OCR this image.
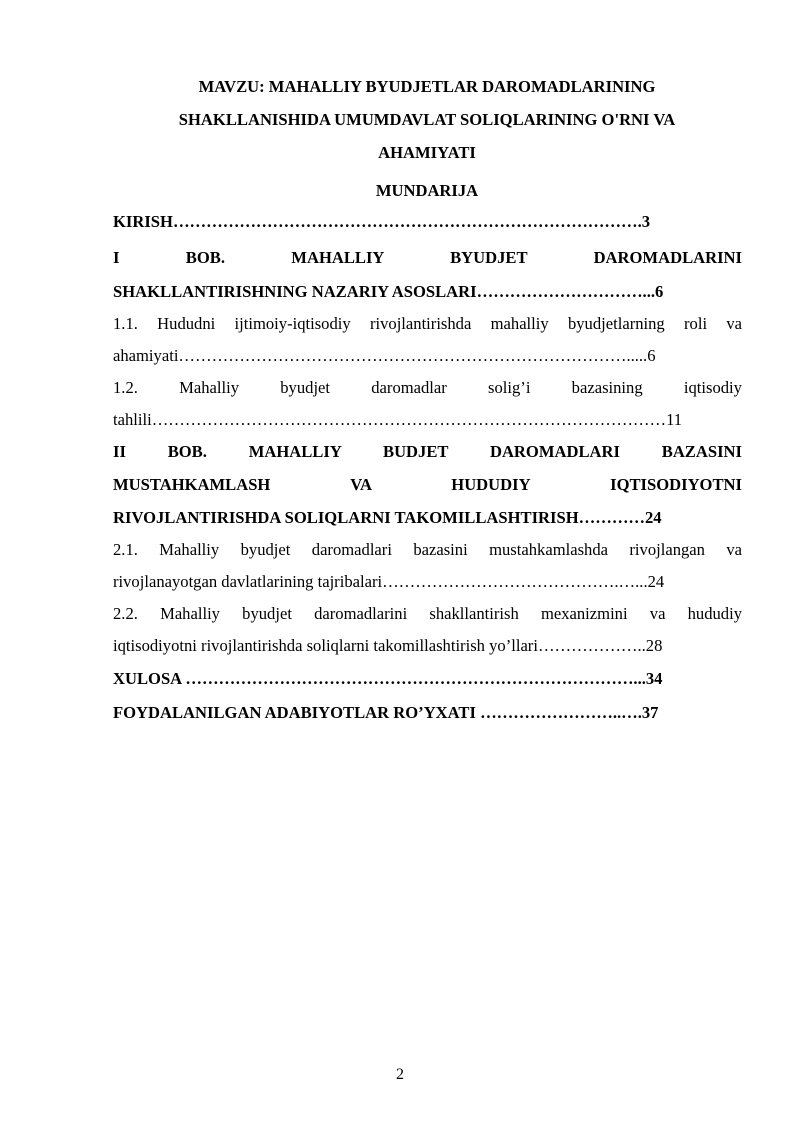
MAVZU: MAHALLIY BYUDJETLAR DAROMADLARINING

SHAKLLANISHIDA UMUMDAVLAT SOLIQLARINING O'RNI VA

AHAMIYATI

MUNDARIJA

KIRISH………………………………………………………………………….3

I	BOB.	MAHALLIY	BYUDJET	DAROMADLARINI

SHAKLLANTIRISHNING NAZARIY ASOSLARI…………………………...6

1.1. Hududni ijtimoiy-iqtisodiy rivojlantirishda mahalliy byudjetlarning roli va

ahamiyati……………………………………………………………………….....6

1.2. Mahalliy byudjet daromadlar solig’i bazasining iqtisodiy

tahlili…………………………………………………………………………………11

II BOB.	MAHALLIY	BUDJET	DAROMADLARI	BAZASINI

MUSTAHKAMLASH	VA	HUDUDIY	IQTISODIYOTNI

RIVOJLANTIRISHDA SOLIQLARNI TAKOMILLASHTIRISH…………24

2.1. Mahalliy byudjet daromadlari bazasini mustahkamlashda rivojlangan va

rivojlanayotgan davlatlarining tajribalari…………………………………….…...24

2.2. Mahalliy byudjet daromadlarini shakllantirish mexanizmini va hududiy

iqtisodiyotni rivojlantirishda soliqlarni takomillashtirish yo’llari………………..28

XULOSA ………………………………………………………………………...34

FOYDALANILGAN ADABIYOTLAR RO’YXATI ……………………..….37

2
